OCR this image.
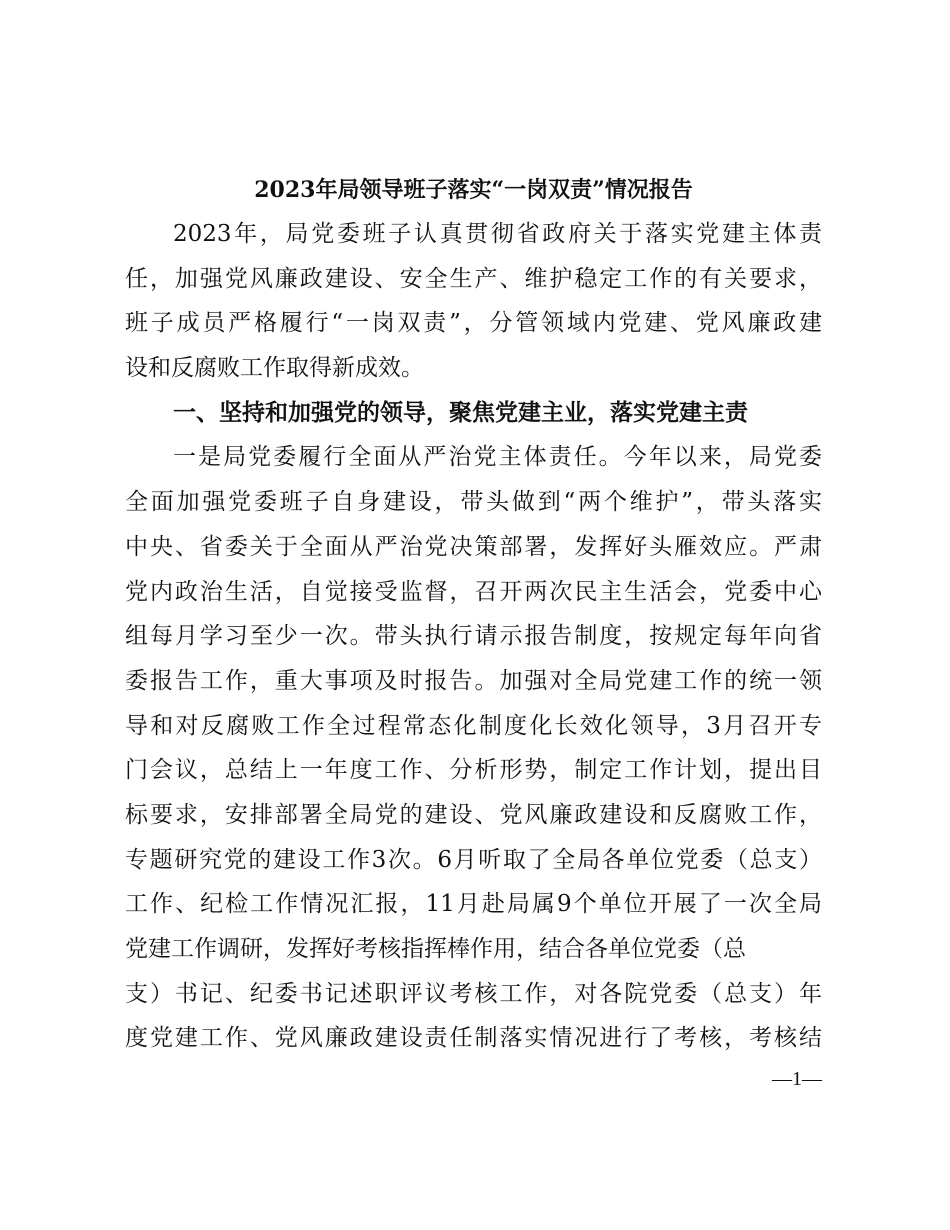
2023年局领导班子落实“一岗双责”情况报告
2023年，局党委班子认真贯彻省政府关于落实党建主体责
任，加强党风廉政建设、安全生产、维护稳定工作的有关要求，
班子成员严格履行“一岗双责”，分管领域内党建、党风廉政建
设和反腐败工作取得新成效。
一、坚持和加强党的领导，聚焦党建主业，落实党建主责
一是局党委履行全面从严治党主体责任。今年以来，局党委
全面加强党委班子自身建设，带头做到“两个维护”，带头落实
中央、省委关于全面从严治党决策部署，发挥好头雁效应。严肃
党内政治生活，自觉接受监督，召开两次民主生活会，党委中心
组每月学习至少一次。带头执行请示报告制度，按规定每年向省
委报告工作，重大事项及时报告。加强对全局党建工作的统一领
导和对反腐败工作全过程常态化制度化长效化领导，3月召开专
门会议，总结上一年度工作、分析形势，制定工作计划，提出目
标要求，安排部署全局党的建设、党风廉政建设和反腐败工作，
专题研究党的建设工作3次。6月听取了全局各单位党委（总支）
工作、纪检工作情况汇报，11月赴局属9个单位开展了一次全局
党建工作调研，发挥好考核指挥棒作用，结合各单位党委（总
支）书记、纪委书记述职评议考核工作，对各院党委（总支）年
度党建工作、党风廉政建设责任制落实情况进行了考核，考核结
—1—
